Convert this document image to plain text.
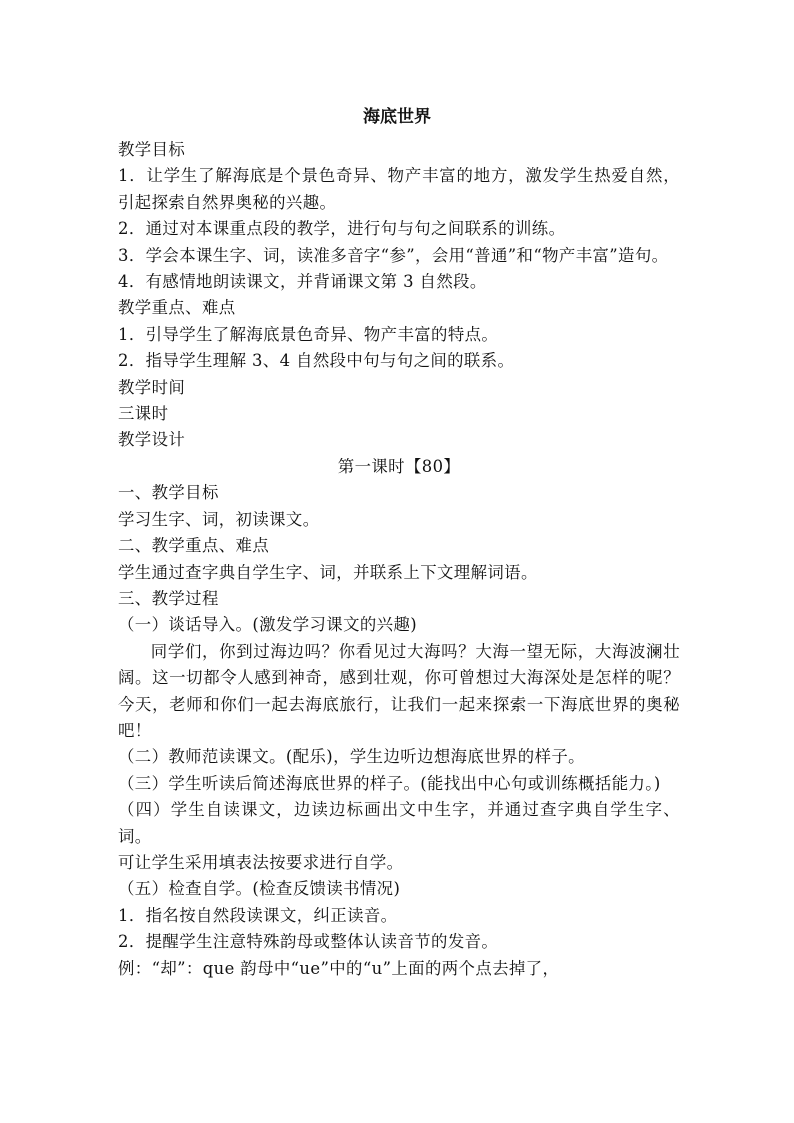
海底世界

教学目标

1．让学生了解海底是个景色奇异、物产丰富的地方，激发学生热爱自然，引起探索自然界奥秘的兴趣。

2．通过对本课重点段的教学，进行句与句之间联系的训练。

3．学会本课生字、词，读准多音字“参”，会用“普通”和“物产丰富”造句。

4．有感情地朗读课文，并背诵课文第 3 自然段。

教学重点、难点

1．引导学生了解海底景色奇异、物产丰富的特点。

2．指导学生理解 3、4 自然段中句与句之间的联系。

教学时间

三课时

教学设计

第一课时【80】

一、教学目标

学习生字、词，初读课文。

二、教学重点、难点

学生通过查字典自学生字、词，并联系上下文理解词语。

三、教学过程

（一）谈话导入。(激发学习课文的兴趣)

同学们，你到过海边吗？你看见过大海吗？大海一望无际，大海波澜壮阔。这一切都令人感到神奇，感到壮观，你可曾想过大海深处是怎样的呢？今天，老师和你们一起去海底旅行，让我们一起来探索一下海底世界的奥秘吧！

（二）教师范读课文。(配乐)，学生边听边想海底世界的样子。

（三）学生听读后简述海底世界的样子。(能找出中心句或训练概括能力。)

（四）学生自读课文，边读边标画出文中生字，并通过查字典自学生字、词。

可让学生采用填表法按要求进行自学。

（五）检查自学。(检查反馈读书情况)

1．指名按自然段读课文，纠正读音。

2．提醒学生注意特殊韵母或整体认读音节的发音。

例：“却”：que 韵母中“ue”中的“u”上面的两个点去掉了，
